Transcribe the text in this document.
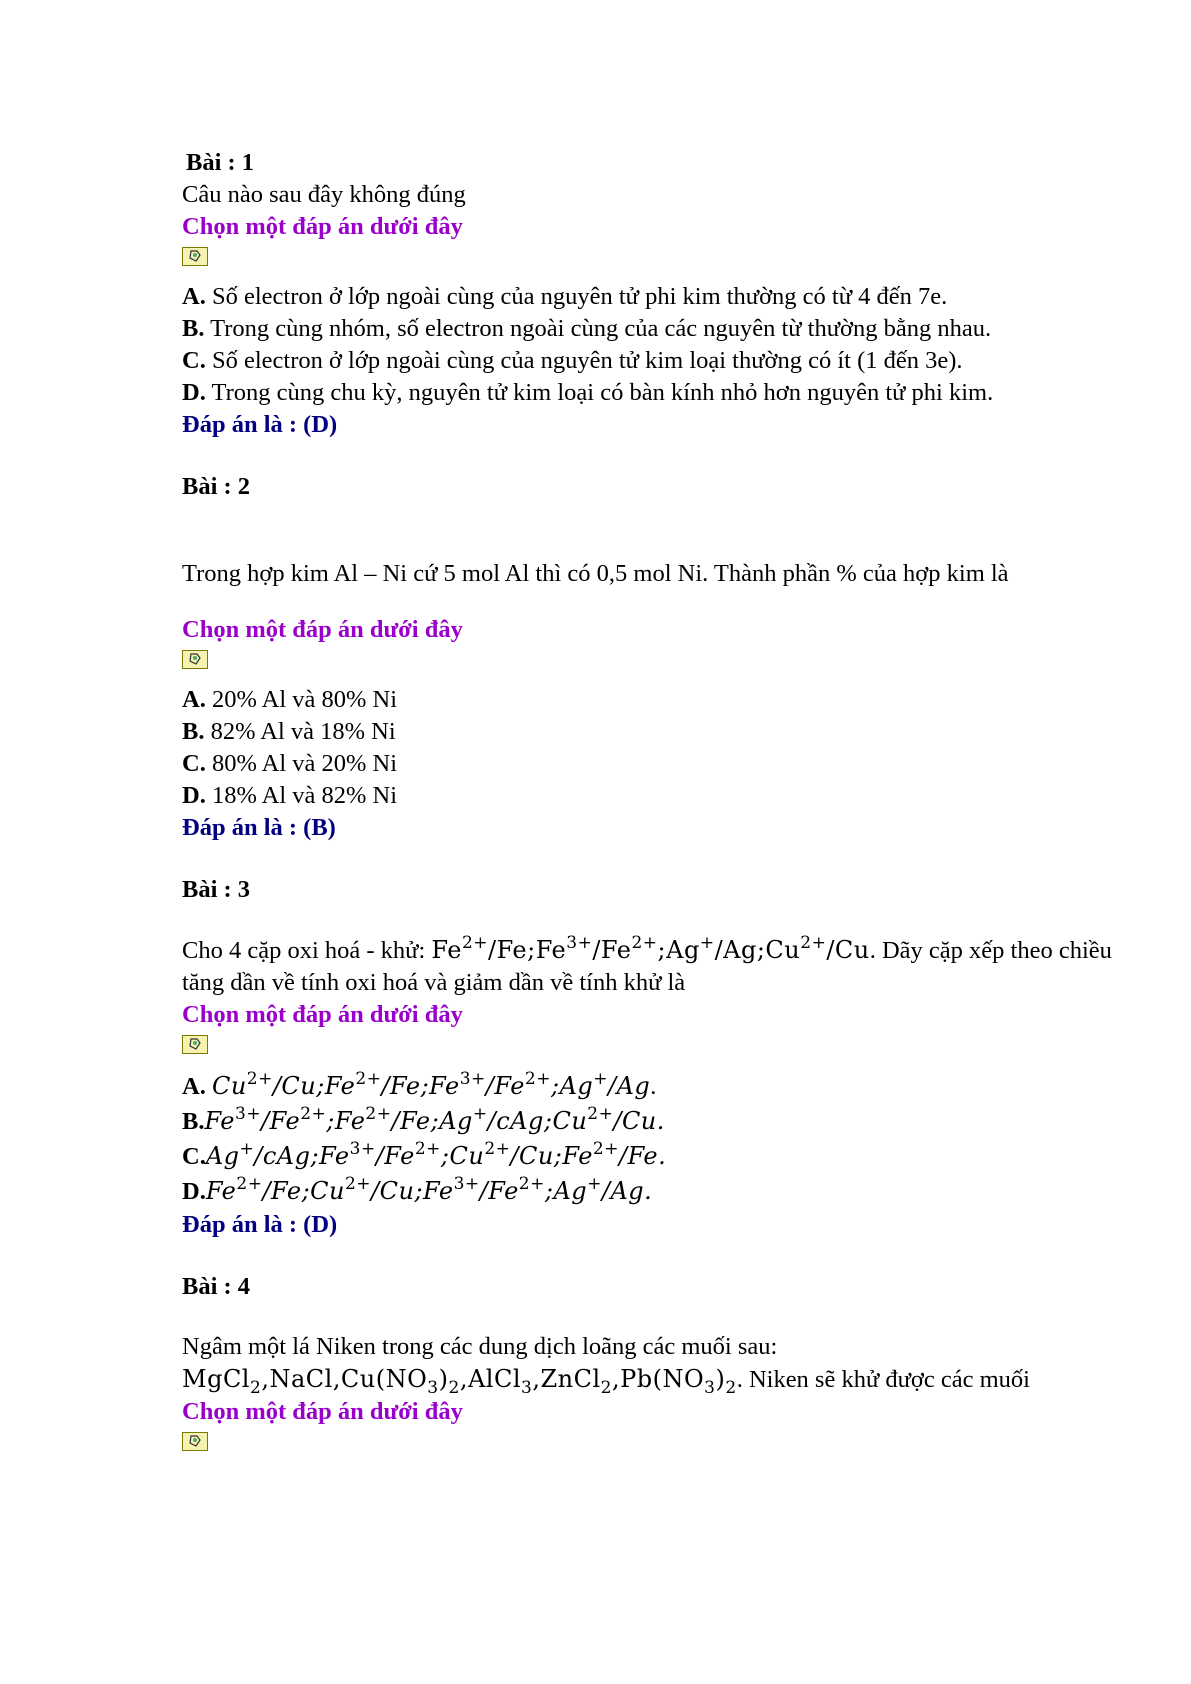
Bài : 1
Câu nào sau đây không đúng
Chọn một đáp án dưới đây
A. Số electron ở lớp ngoài cùng của nguyên tử phi kim thường có từ 4 đến 7e.
B. Trong cùng nhóm, số electron ngoài cùng của các nguyên từ thường bằng nhau.
C. Số electron ở lớp ngoài cùng của nguyên tử kim loại thường có ít (1 đến 3e).
D. Trong cùng chu kỳ, nguyên tử kim loại có bàn kính nhỏ hơn nguyên tử phi kim.
Đáp án là : (D)
Bài : 2
Trong hợp kim Al – Ni cứ 5 mol Al thì có 0,5 mol Ni. Thành phần % của hợp kim là
Chọn một đáp án dưới đây
A. 20% Al và 80% Ni
B. 82% Al và 18% Ni
C. 80% Al và 20% Ni
D. 18% Al và 82% Ni
Đáp án là : (B)
Bài : 3
Cho 4 cặp oxi hoá - khử: $Fe^{2+}/Fe;Fe^{3+}/Fe^{2+};Ag^+/Ag;Cu^{2+}/Cu$. Dãy cặp xếp theo chiều tăng dần về tính oxi hoá và giảm dần về tính khử là
Chọn một đáp án dưới đây
A. $Cu^{2+}/Cu;Fe^{2+}/Fe;Fe^{3+}/Fe^{2+};Ag^+/Ag$.
$B.Fe^{3+}/Fe^{2+};Fe^{2+}/Fe;Ag^+/cAg;Cu^{2+}/Cu$.
$C.Ag^+/cAg;Fe^{3+}/Fe^{2+};Cu^{2+}/Cu;Fe^{2+}/Fe$.
$D.Fe^{2+}/Fe;Cu^{2+}/Cu;Fe^{3+}/Fe^{2+};Ag^+/Ag$.
Đáp án là : (D)
Bài : 4
Ngâm một lá Niken trong các dung dịch loãng các muối sau: $MgCl_2,NaCl,Cu(NO_3)_2,AlCl_3,ZnCl_2,Pb(NO_3)_2$. Niken sẽ khử được các muối
Chọn một đáp án dưới đây
